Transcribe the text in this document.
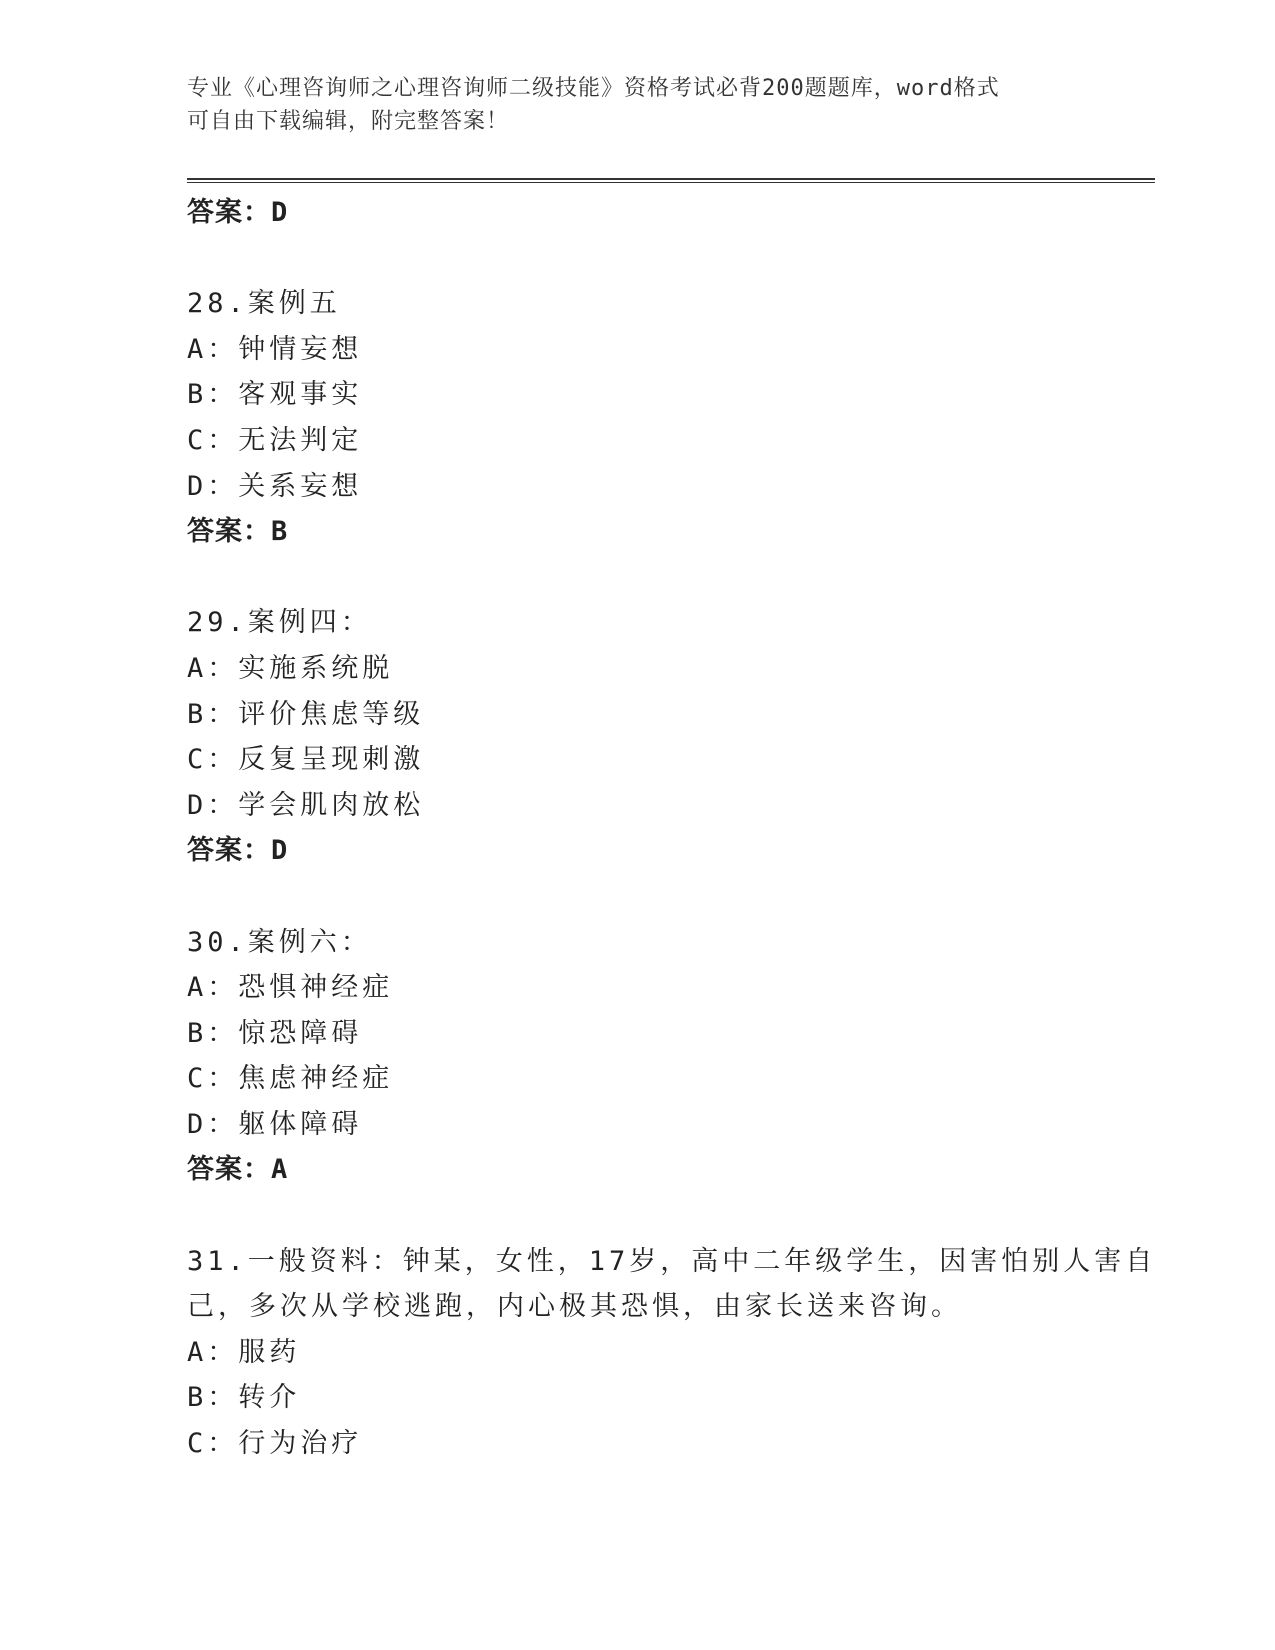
专业《心理咨询师之心理咨询师二级技能》资格考试必背200题题库，word格式
可自由下载编辑，附完整答案！
答案：D
28.案例五
A：钟情妄想
B：客观事实
C：无法判定
D：关系妄想
答案：B
29.案例四：
A：实施系统脱
B：评价焦虑等级
C：反复呈现刺激
D：学会肌肉放松
答案：D
30.案例六：
A：恐惧神经症
B：惊恐障碍
C：焦虑神经症
D：躯体障碍
答案：A
31.一般资料：钟某，女性，17岁，高中二年级学生，因害怕别人害自
己，多次从学校逃跑，内心极其恐惧，由家长送来咨询。
A：服药
B：转介
C：行为治疗
